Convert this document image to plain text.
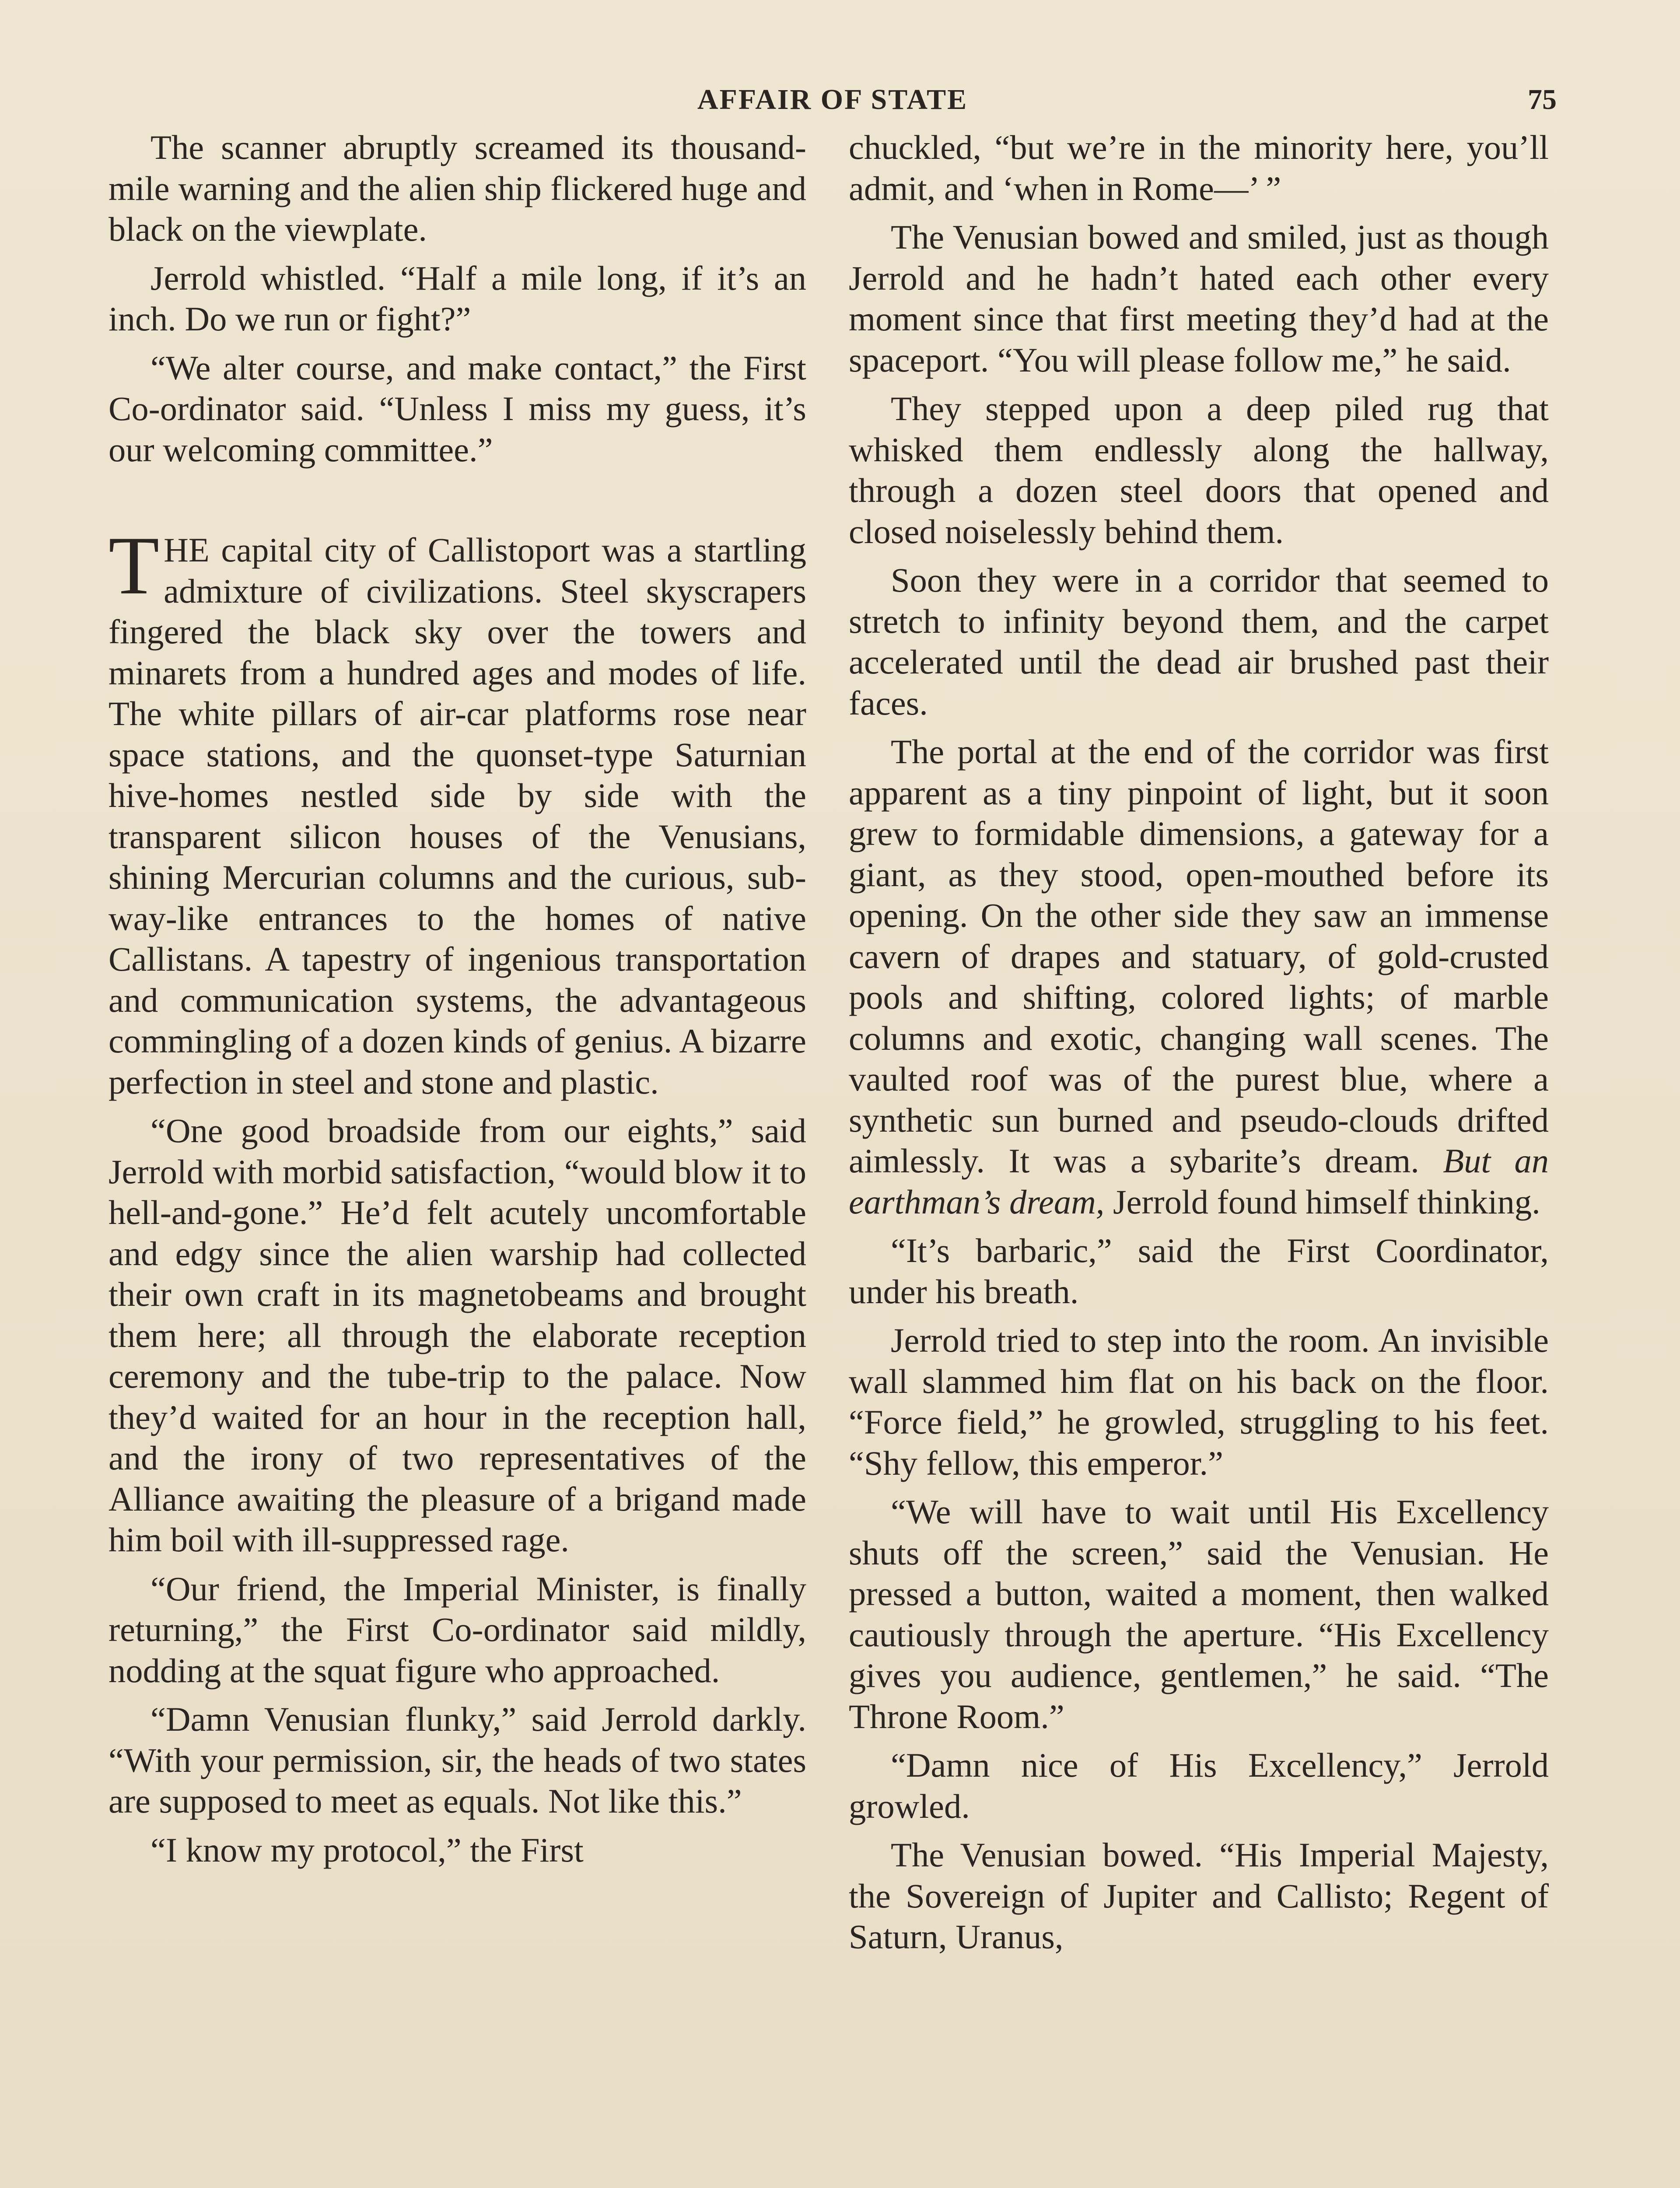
AFFAIR OF STATE	75

The scanner abruptly screamed its thousand-mile warning and the alien ship flickered huge and black on the viewplate.

Jerrold whistled. “Half a mile long, if it’s an inch. Do we run or fight?”

“We alter course, and make contact,” the First Co-ordinator said. “Unless I miss my guess, it’s our welcoming committee.”

THE capital city of Callistoport was a startling admixture of civilizations. Steel skyscrapers fingered the black sky over the towers and minarets from a hundred ages and modes of life. The white pillars of air-car platforms rose near space stations, and the quonset-type Saturnian hive-homes nestled side by side with the transparent silicon houses of the Venusians, shining Mercurian columns and the curious, subway-like entrances to the homes of native Callistans. A tapestry of ingenious transportation and communication systems, the advantageous commingling of a dozen kinds of genius. A bizarre perfection in steel and stone and plastic.

“One good broadside from our eights,” said Jerrold with morbid satisfaction, “would blow it to hell-and-gone.” He’d felt acutely uncomfortable and edgy since the alien warship had collected their own craft in its magnetobeams and brought them here; all through the elaborate reception ceremony and the tube-trip to the palace. Now they’d waited for an hour in the reception hall, and the irony of two representatives of the Alliance awaiting the pleasure of a brigand made him boil with ill-suppressed rage.

“Our friend, the Imperial Minister, is finally returning,” the First Co-ordinator said mildly, nodding at the squat figure who approached.

“Damn Venusian flunky,” said Jerrold darkly. “With your permission, sir, the heads of two states are supposed to meet as equals. Not like this.”

“I know my protocol,” the First

chuckled, “but we’re in the minority here, you’ll admit, and ‘when in Rome—’ ”

The Venusian bowed and smiled, just as though Jerrold and he hadn’t hated each other every moment since that first meeting they’d had at the spaceport. “You will please follow me,” he said.

They stepped upon a deep piled rug that whisked them endlessly along the hallway, through a dozen steel doors that opened and closed noiselessly behind them.

Soon they were in a corridor that seemed to stretch to infinity beyond them, and the carpet accelerated until the dead air brushed past their faces.

The portal at the end of the corridor was first apparent as a tiny pinpoint of light, but it soon grew to formidable dimensions, a gateway for a giant, as they stood, open-mouthed before its opening. On the other side they saw an immense cavern of drapes and statuary, of gold-crusted pools and shifting, colored lights; of marble columns and exotic, changing wall scenes. The vaulted roof was of the purest blue, where a synthetic sun burned and pseudo-clouds drifted aimlessly. It was a sybarite’s dream. But an earthman’s dream, Jerrold found himself thinking.

“It’s barbaric,” said the First Coordinator, under his breath.

Jerrold tried to step into the room. An invisible wall slammed him flat on his back on the floor. “Force field,” he growled, struggling to his feet. “Shy fellow, this emperor.”

“We will have to wait until His Excellency shuts off the screen,” said the Venusian. He pressed a button, waited a moment, then walked cautiously through the aperture. “His Excellency gives you audience, gentlemen,” he said. “The Throne Room.”

“Damn nice of His Excellency,” Jerrold growled.

The Venusian bowed. “His Imperial Majesty, the Sovereign of Jupiter and Callisto; Regent of Saturn, Uranus,
